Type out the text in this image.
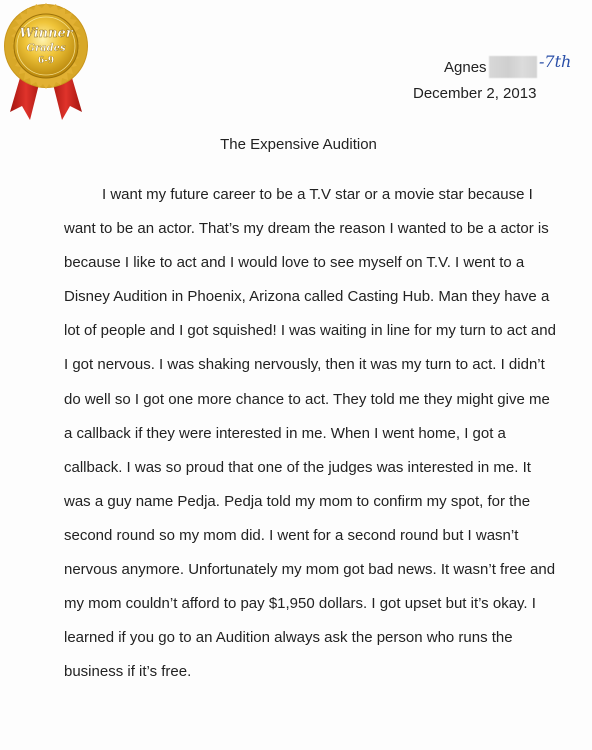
Winner
Grades
6-9	Agnes	-7th
December 2, 2013
The Expensive Audition
I want my future career to be a T.V star or a movie star because I
want to be an actor. That’s my dream the reason I wanted to be a actor is
because I like to act and I would love to see myself on T.V. I went to a
Disney Audition in Phoenix, Arizona called Casting Hub. Man they have a
lot of people and I got squished! I was waiting in line for my turn to act and
I got nervous. I was shaking nervously, then it was my turn to act. I didn’t
do well so I got one more chance to act. They told me they might give me
a callback if they were interested in me. When I went home, I got a
callback. I was so proud that one of the judges was interested in me. It
was a guy name Pedja. Pedja told my mom to confirm my spot, for the
second round so my mom did. I went for a second round but I wasn’t
nervous anymore. Unfortunately my mom got bad news. It wasn’t free and
my mom couldn’t afford to pay $1,950 dollars. I got upset but it’s okay. I
learned if you go to an Audition always ask the person who runs the
business if it’s free.
